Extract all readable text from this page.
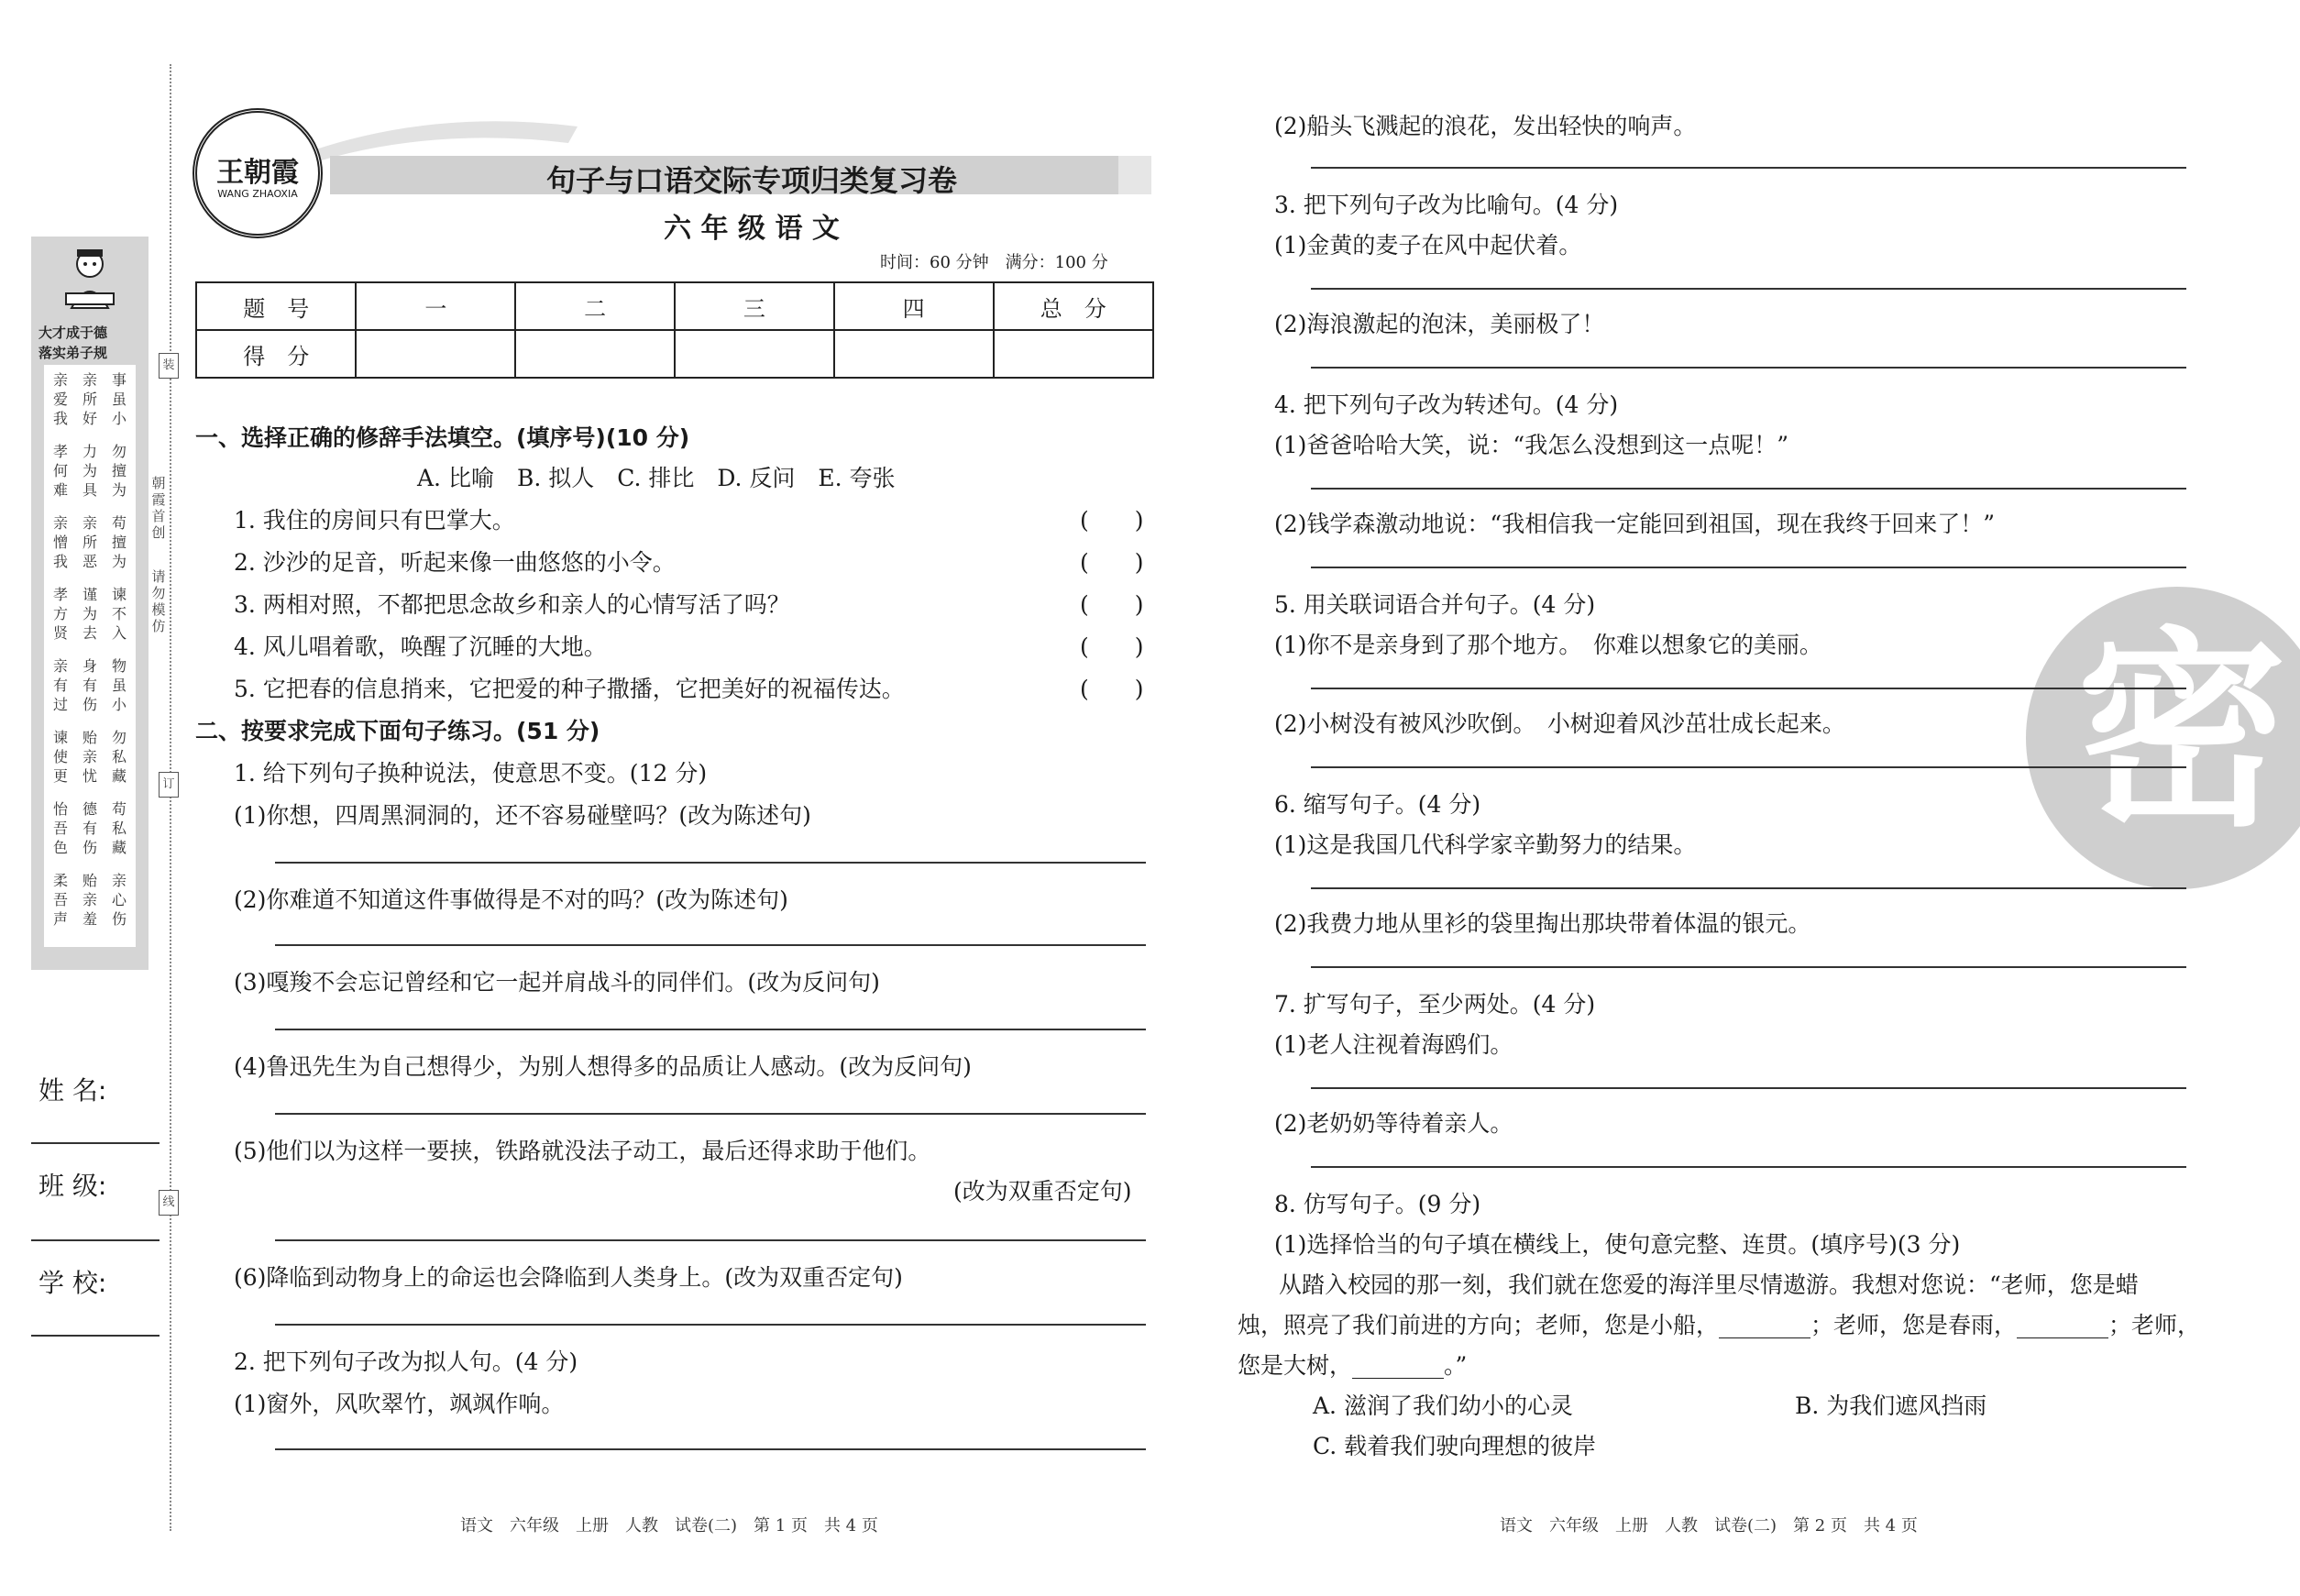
大才成于德
落实弟子规
事虽小
亲所好
亲爱我
勿擅为
力为具
孝何难
苟擅为
亲所恶
亲憎我
谏不入
谨为去
孝方贤
物虽小
身有伤
亲有过
勿私藏
贻亲忧
谏使更
苟私藏
德有伤
怡吾色
亲心伤
贻亲羞
柔吾声
朝霞首创
请勿模仿
装
订
线
姓 名:
班 级:
学 校:
王朝霞
WANG ZHAOXIA	句子与口语交际专项归类复习卷
六 年 级 语 文
时间：60 分钟　满分：100 分
题　号	一	二	三	四	总　分
得　分					
一、选择正确的修辞手法填空。(填序号)(10 分)
A. 比喻　B. 拟人　C. 排比　D. 反问　E. 夸张
1. 我住的房间只有巴掌大。	(　　)
2. 沙沙的足音，听起来像一曲悠悠的小令。	(　　)
3. 两相对照，不都把思念故乡和亲人的心情写活了吗？	(　　)
4. 风儿唱着歌，唤醒了沉睡的大地。	(　　)
5. 它把春的信息捎来，它把爱的种子撒播，它把美好的祝福传达。	(　　)
二、按要求完成下面句子练习。(51 分)
1. 给下列句子换种说法，使意思不变。(12 分)
(1)你想，四周黑洞洞的，还不容易碰壁吗？(改为陈述句)
(2)你难道不知道这件事做得是不对的吗？(改为陈述句)
(3)嘎羧不会忘记曾经和它一起并肩战斗的同伴们。(改为反问句)
(4)鲁迅先生为自己想得少，为别人想得多的品质让人感动。(改为反问句)
(5)他们以为这样一要挟，铁路就没法子动工，最后还得求助于他们。
(改为双重否定句)
(6)降临到动物身上的命运也会降临到人类身上。(改为双重否定句)
2. 把下列句子改为拟人句。(4 分)
(1)窗外，风吹翠竹，飒飒作响。
语文　六年级　上册　人教　试卷(二)　第 1 页　共 4 页
密
(2)船头飞溅起的浪花，发出轻快的响声。
3. 把下列句子改为比喻句。(4 分)
(1)金黄的麦子在风中起伏着。
(2)海浪激起的泡沫，美丽极了！
4. 把下列句子改为转述句。(4 分)
(1)爸爸哈哈大笑，说：“我怎么没想到这一点呢！”
(2)钱学森激动地说：“我相信我一定能回到祖国，现在我终于回来了！”
5. 用关联词语合并句子。(4 分)
(1)你不是亲身到了那个地方。　你难以想象它的美丽。
(2)小树没有被风沙吹倒。　小树迎着风沙茁壮成长起来。
6. 缩写句子。(4 分)
(1)这是我国几代科学家辛勤努力的结果。
(2)我费力地从里衫的袋里掏出那块带着体温的银元。
7. 扩写句子，至少两处。(4 分)
(1)老人注视着海鸥们。
(2)老奶奶等待着亲人。
8. 仿写句子。(9 分)
(1)选择恰当的句子填在横线上，使句意完整、连贯。(填序号)(3 分)
从踏入校园的那一刻，我们就在您爱的海洋里尽情遨游。我想对您说：“老师，您是蜡
烛，照亮了我们前进的方向；老师，您是小船，________；老师，您是春雨，________；老师，
您是大树，________。”
A. 滋润了我们幼小的心灵	B. 为我们遮风挡雨
C. 载着我们驶向理想的彼岸
语文　六年级　上册　人教　试卷(二)　第 2 页　共 4 页
